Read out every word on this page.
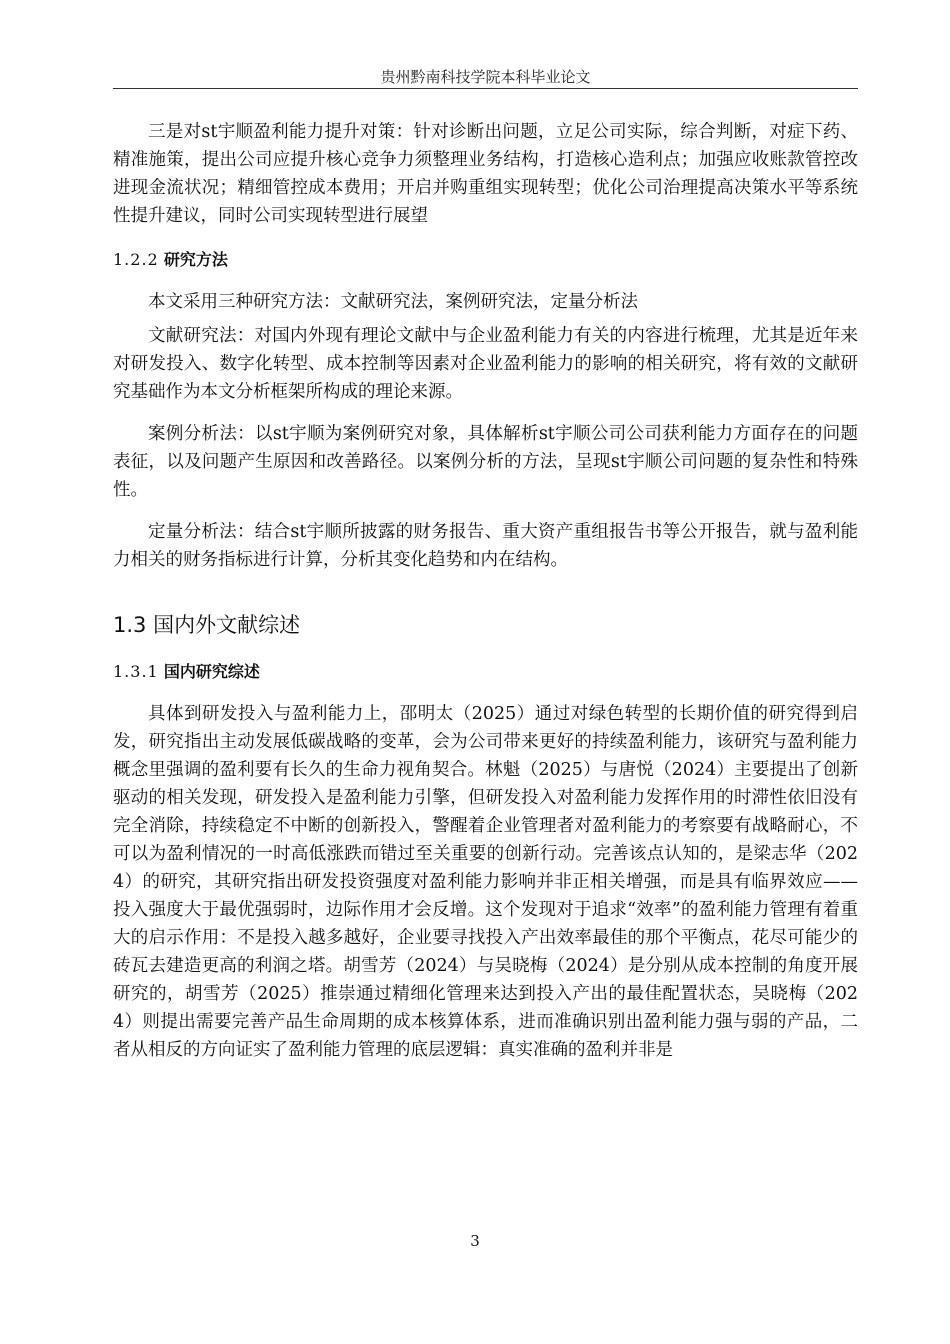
贵州黔南科技学院本科毕业论文

三是对st宇顺盈利能力提升对策：针对诊断出问题，立足公司实际，综合判断，对症下药、精准施策，提出公司应提升核心竞争力须整理业务结构，打造核心造利点；加强应收账款管控改进现金流状况；精细管控成本费用；开启并购重组实现转型；优化公司治理提高决策水平等系统性提升建议，同时公司实现转型进行展望

1.2.2 研究方法

本文采用三种研究方法：文献研究法，案例研究法，定量分析法

文献研究法：对国内外现有理论文献中与企业盈利能力有关的内容进行梳理，尤其是近年来对研发投入、数字化转型、成本控制等因素对企业盈利能力的影响的相关研究，将有效的文献研究基础作为本文分析框架所构成的理论来源。

案例分析法：以st宇顺为案例研究对象，具体解析st宇顺公司公司获利能力方面存在的问题表征，以及问题产生原因和改善路径。以案例分析的方法，呈现st宇顺公司问题的复杂性和特殊性。

定量分析法：结合st宇顺所披露的财务报告、重大资产重组报告书等公开报告，就与盈利能力相关的财务指标进行计算，分析其变化趋势和内在结构。

1.3 国内外文献综述
1.3.1 国内研究综述

具体到研发投入与盈利能力上，邵明太（2025）通过对绿色转型的长期价值的研究得到启发，研究指出主动发展低碳战略的变革，会为公司带来更好的持续盈利能力，该研究与盈利能力概念里强调的盈利要有长久的生命力视角契合。林魁（2025）与唐悦（2024）主要提出了创新驱动的相关发现，研发投入是盈利能力引擎，但研发投入对盈利能力发挥作用的时滞性依旧没有完全消除，持续稳定不中断的创新投入，警醒着企业管理者对盈利能力的考察要有战略耐心，不可以为盈利情况的一时高低涨跌而错过至关重要的创新行动。完善该点认知的，是梁志华（2024）的研究，其研究指出研发投资强度对盈利能力影响并非正相关增强，而是具有临界效应——投入强度大于最优强弱时，边际作用才会反增。这个发现对于追求“效率”的盈利能力管理有着重大的启示作用：不是投入越多越好，企业要寻找投入产出效率最佳的那个平衡点，花尽可能少的砖瓦去建造更高的利润之塔。胡雪芳（2024）与吴晓梅（2024）是分别从成本控制的角度开展研究的，胡雪芳（2025）推崇通过精细化管理来达到投入产出的最佳配置状态，吴晓梅（2024）则提出需要完善产品生命周期的成本核算体系，进而准确识别出盈利能力强与弱的产品，二者从相反的方向证实了盈利能力管理的底层逻辑：真实准确的盈利并非是

3
